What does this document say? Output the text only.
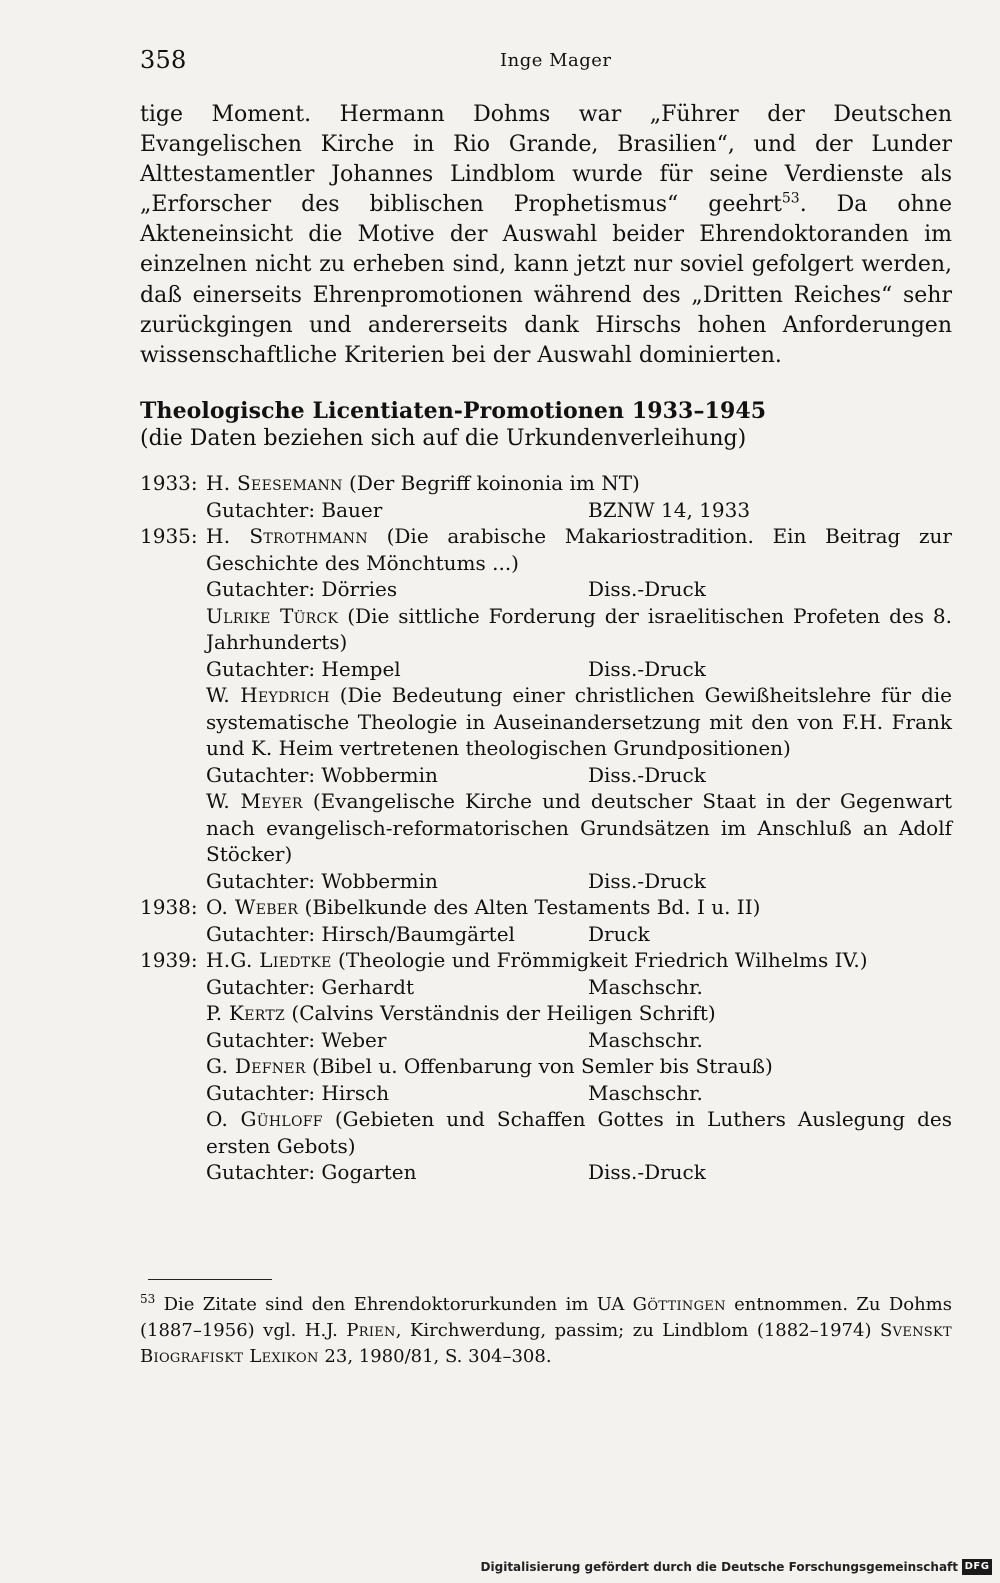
358	Inge Mager

tige Moment. Hermann Dohms war „Führer der Deutschen Evangelischen Kirche in Rio Grande, Brasilien“, und der Lunder Alttestamentler Johannes Lindblom wurde für seine Verdienste als „Erforscher des biblischen Prophetismus“ geehrt$^{53}$. Da ohne Akteneinsicht die Motive der Auswahl beider Ehrendoktoranden im einzelnen nicht zu erheben sind, kann jetzt nur soviel gefolgert werden, daß einerseits Ehrenpromotionen während des „Dritten Reiches“ sehr zurückgingen und andererseits dank Hirschs hohen Anforderungen wissenschaftliche Kriterien bei der Auswahl dominierten.

Theologische Licentiaten-Promotionen 1933–1945
(die Daten beziehen sich auf die Urkundenverleihung)
1933: H. Seesemann (Der Begriff koinonia im NT)
Gutachter: Bauer	BZNW 14, 1933
1935: H. Strothmann (Die arabische Makariostradition. Ein Beitrag zur Geschichte des Mönchtums ...)
Gutachter: Dörries	Diss.-Druck
Ulrike Türck (Die sittliche Forderung der israelitischen Profeten des 8. Jahrhunderts)
Gutachter: Hempel	Diss.-Druck
W. Heydrich (Die Bedeutung einer christlichen Gewißheitslehre für die systematische Theologie in Auseinandersetzung mit den von F.H. Frank und K. Heim vertretenen theologischen Grundpositionen)
Gutachter: Wobbermin	Diss.-Druck
W. Meyer (Evangelische Kirche und deutscher Staat in der Gegenwart nach evangelisch-reformatorischen Grundsätzen im Anschluß an Adolf Stöcker)
Gutachter: Wobbermin	Diss.-Druck
1938: O. Weber (Bibelkunde des Alten Testaments Bd. I u. II)
Gutachter: Hirsch/Baumgärtel	Druck
1939: H.G. Liedtke (Theologie und Frömmigkeit Friedrich Wilhelms IV.)
Gutachter: Gerhardt	Maschschr.
P. Kertz (Calvins Verständnis der Heiligen Schrift)
Gutachter: Weber	Maschschr.
G. Defner (Bibel u. Offenbarung von Semler bis Strauß)
Gutachter: Hirsch	Maschschr.
O. Gühloff (Gebieten und Schaffen Gottes in Luthers Auslegung des ersten Gebots)
Gutachter: Gogarten	Diss.-Druck
$^{53}$ Die Zitate sind den Ehrendoktorurkunden im UA Göttingen entnommen. Zu Dohms (1887–1956) vgl. H.J. Prien, Kirchwerdung, passim; zu Lindblom (1882–1974) Svenskt Biografiskt Lexikon 23, 1980/81, S. 304–308.
Digitalisierung gefördert durch die Deutsche Forschungsgemeinschaft DFG
